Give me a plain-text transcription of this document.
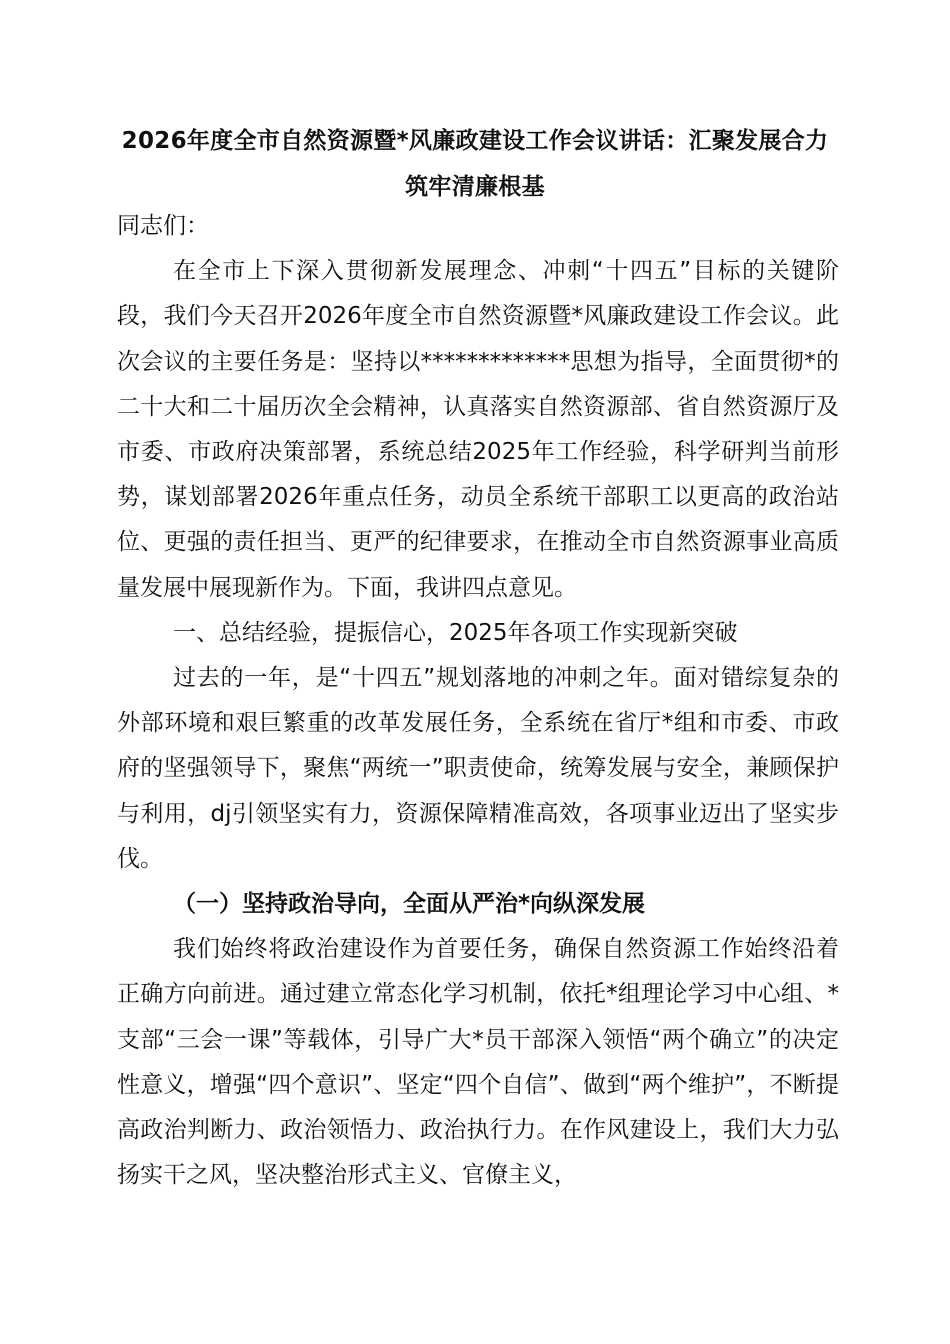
2026年度全市自然资源暨*风廉政建设工作会议讲话：汇聚发展合力 筑牢清廉根基

同志们：

在全市上下深入贯彻新发展理念、冲刺“十四五”目标的关键阶段，我们今天召开2026年度全市自然资源暨*风廉政建设工作会议。此次会议的主要任务是：坚持以*************思想为指导，全面贯彻*的二十大和二十届历次全会精神，认真落实自然资源部、省自然资源厅及市委、市政府决策部署，系统总结2025年工作经验，科学研判当前形势，谋划部署2026年重点任务，动员全系统干部职工以更高的政治站位、更强的责任担当、更严的纪律要求，在推动全市自然资源事业高质量发展中展现新作为。下面，我讲四点意见。

一、总结经验，提振信心，2025年各项工作实现新突破

过去的一年，是“十四五”规划落地的冲刺之年。面对错综复杂的外部环境和艰巨繁重的改革发展任务，全系统在省厅*组和市委、市政府的坚强领导下，聚焦“两统一”职责使命，统筹发展与安全，兼顾保护与利用，dj引领坚实有力，资源保障精准高效，各项事业迈出了坚实步伐。

（一）坚持政治导向，全面从严治*向纵深发展

我们始终将政治建设作为首要任务，确保自然资源工作始终沿着正确方向前进。通过建立常态化学习机制，依托*组理论学习中心组、*支部“三会一课”等载体，引导广大*员干部深入领悟“两个确立”的决定性意义，增强“四个意识”、坚定“四个自信”、做到“两个维护”，不断提高政治判断力、政治领悟力、政治执行力。在作风建设上，我们大力弘扬实干之风，坚决整治形式主义、官僚主义，
